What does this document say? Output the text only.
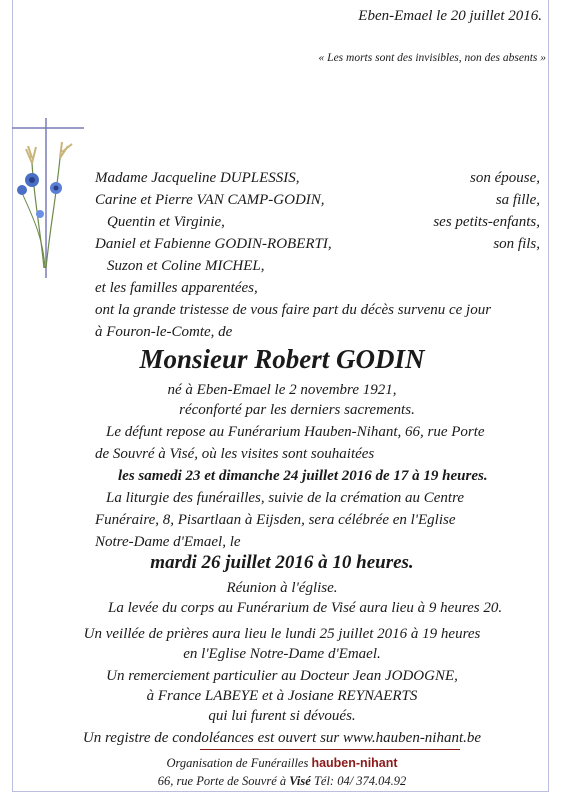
Eben-Emael le 20 juillet 2016.
« Les morts sont des invisibles, non des absents »
Madame Jacqueline DUPLESSIS,	son épouse,
Carine et Pierre VAN CAMP-GODIN,	sa fille,
Quentin et Virginie,	ses petits-enfants,
Daniel et Fabienne GODIN-ROBERTI,	son fils,
Suzon et Coline MICHEL,
et les familles apparentées,
ont la grande tristesse de vous faire part du décès survenu ce jour
à Fouron-le-Comte, de
Monsieur Robert GODIN
né à Eben-Emael le 2 novembre 1921,
réconforté par les derniers sacrements.
Le défunt repose au Funérarium Hauben-Nihant, 66, rue Porte
de Souvré à Visé, où les visites sont souhaitées
les samedi 23 et dimanche 24 juillet 2016 de 17 à 19 heures.
La liturgie des funérailles, suivie de la crémation au Centre
Funéraire, 8, Pisartlaan à Eijsden, sera célébrée en l'Eglise
Notre-Dame d'Emael, le
mardi 26 juillet 2016 à 10 heures.
Réunion à l'église.
La levée du corps au Funérarium de Visé aura lieu à 9 heures 20.
Un veillée de prières aura lieu le lundi 25 juillet 2016 à 19 heures
en l'Eglise Notre-Dame d'Emael.
Un remerciement particulier au Docteur Jean JODOGNE,
à France LABEYE et à Josiane REYNAERTS
qui lui furent si dévoués.
Un registre de condoléances est ouvert sur www.hauben-nihant.be
Organisation de Funérailles hauben-nihant
66, rue Porte de Souvré à Visé Tél: 04/ 374.04.92
